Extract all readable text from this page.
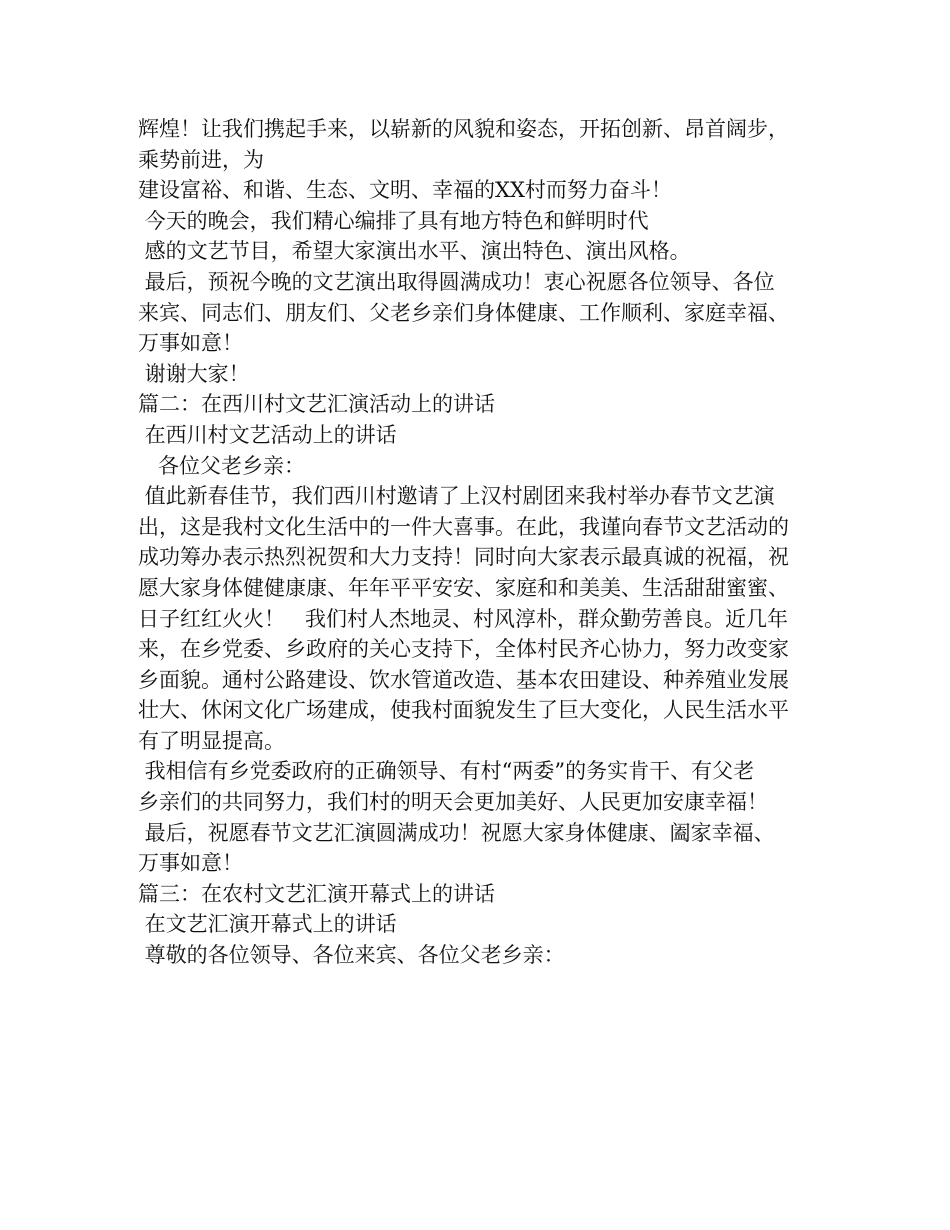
辉煌！让我们携起手来，以崭新的风貌和姿态，开拓创新、昂首阔步，
乘势前进，为
建设富裕、和谐、生态、文明、幸福的XX村而努力奋斗！
今天的晚会，我们精心编排了具有地方特色和鲜明时代
感的文艺节目，希望大家演出水平、演出特色、演出风格。
最后，预祝今晚的文艺演出取得圆满成功！衷心祝愿各位领导、各位
来宾、同志们、朋友们、父老乡亲们身体健康、工作顺利、家庭幸福、
万事如意！
谢谢大家！
篇二：在西川村文艺汇演活动上的讲话
在西川村文艺活动上的讲话
各位父老乡亲：
值此新春佳节，我们西川村邀请了上汉村剧团来我村举办春节文艺演
出，这是我村文化生活中的一件大喜事。在此，我谨向春节文艺活动的
成功筹办表示热烈祝贺和大力支持！同时向大家表示最真诚的祝福，祝
愿大家身体健健康康、年年平平安安、家庭和和美美、生活甜甜蜜蜜、
日子红红火火！   我们村人杰地灵、村风淳朴，群众勤劳善良。近几年
来，在乡党委、乡政府的关心支持下，全体村民齐心协力，努力改变家
乡面貌。通村公路建设、饮水管道改造、基本农田建设、种养殖业发展
壮大、休闲文化广场建成，使我村面貌发生了巨大变化，人民生活水平
有了明显提高。
我相信有乡党委政府的正确领导、有村“两委”的务实肯干、有父老
乡亲们的共同努力，我们村的明天会更加美好、人民更加安康幸福！
最后，祝愿春节文艺汇演圆满成功！祝愿大家身体健康、阖家幸福、
万事如意！
篇三：在农村文艺汇演开幕式上的讲话
在文艺汇演开幕式上的讲话
尊敬的各位领导、各位来宾、各位父老乡亲：
